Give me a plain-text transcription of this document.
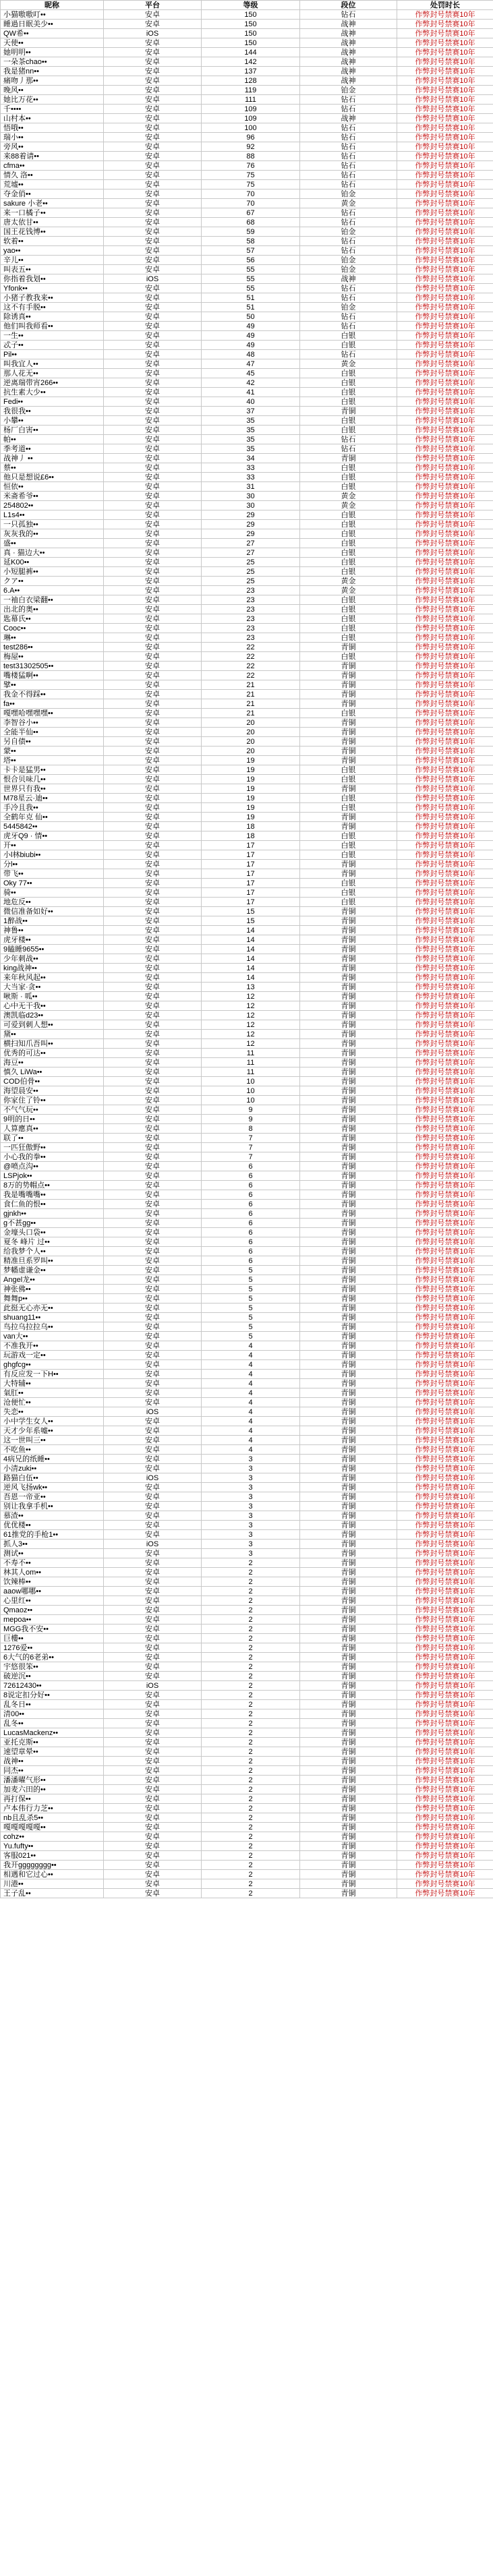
昵称	平台	等级	段位	处罚时长
小猫嗷嗷叮••	安卓	150	钻石	作弊封号禁赛10年
睡過日眠美少••	安卓	150	战神	作弊封号禁赛10年
QW希••	iOS	150	战神	作弊封号禁赛10年
天使••	安卓	150	战神	作弊封号禁赛10年
她明明••	安卓	144	战神	作弊封号禁赛10年
一朵茶chao••	安卓	142	战神	作弊封号禁赛10年
我是猪nn••	安卓	137	战神	作弊封号禁赛10年
痛吻丿那••	安卓	128	战神	作弊封号禁赛10年
晚风••	安卓	119	铂金	作弊封号禁赛10年
她比万花••	安卓	111	钻石	作弊封号禁赛10年
千••••	安卓	109	钻石	作弊封号禁赛10年
山村本••	安卓	109	战神	作弊封号禁赛10年
悟哦••	安卓	100	钻石	作弊封号禁赛10年
瑞小••	安卓	96	钻石	作弊封号禁赛10年
旁风••	安卓	92	钻石	作弊封号禁赛10年
来88着请••	安卓	88	钻石	作弊封号禁赛10年
cfma••	安卓	76	钻石	作弊封号禁赛10年
情久 洛••	安卓	75	钻石	作弊封号禁赛10年
荒墟••	安卓	75	钻石	作弊封号禁赛10年
夺金俏••	安卓	70	铂金	作弊封号禁赛10年
sakure 小老••	安卓	70	黄金	作弊封号禁赛10年
来一口橘子••	安卓	67	钻石	作弊封号禁赛10年
唐太依甘••	安卓	68	钻石	作弊封号禁赛10年
国王花钱博••	安卓	59	铂金	作弊封号禁赛10年
软着••	安卓	58	钻石	作弊封号禁赛10年
yao••	安卓	57	钻石	作弊封号禁赛10年
辛儿••	安卓	56	铂金	作弊封号禁赛10年
叫表五••	安卓	55	铂金	作弊封号禁赛10年
你指着我划••	iOS	55	战神	作弊封号禁赛10年
Yfonk••	安卓	55	钻石	作弊封号禁赛10年
小猪子教我来••	安卓	51	钻石	作弊封号禁赛10年
这不有手脱••	安卓	51	铂金	作弊封号禁赛10年
除诱真••	安卓	50	钻石	作弊封号禁赛10年
他们叫我师看••	安卓	49	钻石	作弊封号禁赛10年
一生••	安卓	49	白银	作弊封号禁赛10年
忒子••	安卓	49	白银	作弊封号禁赛10年
Pil••	安卓	48	钻石	作弊封号禁赛10年
叫我宜人••	安卓	47	黄金	作弊封号禁赛10年
那人花无••	安卓	45	白银	作弊封号禁赛10年
逆离瑞带宵266••	安卓	42	白银	作弊封号禁赛10年
抗生素大少••	安卓	41	白银	作弊封号禁赛10年
Fedi••	安卓	40	白银	作弊封号禁赛10年
我很我••	安卓	37	青铜	作弊封号禁赛10年
小攀••	安卓	35	白银	作弊封号禁赛10年
杨厂白害••	安卓	35	白银	作弊封号禁赛10年
帕••	安卓	35	钻石	作弊封号禁赛10年
季考道••	安卓	35	钻石	作弊封号禁赛10年
战神丿 ••	安卓	34	青铜	作弊封号禁赛10年
蔡••	安卓	33	白银	作弊封号禁赛10年
他只是想说£6••	安卓	33	白银	作弊封号禁赛10年
恒依••	安卓	31	白银	作弊封号禁赛10年
米斋希爷••	安卓	30	黄金	作弊封号禁赛10年
254802••	安卓	30	黄金	作弊封号禁赛10年
L1s4••	安卓	29	白银	作弊封号禁赛10年
一只孤独••	安卓	29	白银	作弊封号禁赛10年
灰灰我的••	安卓	29	白银	作弊封号禁赛10年
盛••	安卓	27	白银	作弊封号禁赛10年
真 · 猫边大••	安卓	27	白银	作弊封号禁赛10年
延K00••	安卓	25	白银	作弊封号禁赛10年
小短腿裤••	安卓	25	白银	作弊封号禁赛10年
クア••	安卓	25	黄金	作弊封号禁赛10年
6.A••	安卓	23	黄金	作弊封号禁赛10年
一袖白衣梁翻••	安卓	23	白银	作弊封号禁赛10年
出北的奥••	安卓	23	白银	作弊封号禁赛10年
匙幕氏••	安卓	23	白银	作弊封号禁赛10年
Cooc••	安卓	23	白银	作弊封号禁赛10年
琳••	安卓	23	白银	作弊封号禁赛10年
test286••	安卓	22	青铜	作弊封号禁赛10年
梅屋••	安卓	22	白银	作弊封号禁赛10年
test31302505••	安卓	22	青铜	作弊封号禁赛10年
嘴楼猛啊••	安卓	22	青铜	作弊封号禁赛10年
擘••	安卓	21	青铜	作弊封号禁赛10年
我金不得踩••	安卓	21	青铜	作弊封号禁赛10年
fa••	安卓	21	青铜	作弊封号禁赛10年
嘎嘿哈嘿嘿嘿••	安卓	21	白银	作弊封号禁赛10年
李智谷小••	安卓	20	青铜	作弊封号禁赛10年
全能半仙••	安卓	20	青铜	作弊封号禁赛10年
另自债••	安卓	20	青铜	作弊封号禁赛10年
蒙••	安卓	20	青铜	作弊封号禁赛10年
塔••	安卓	19	青铜	作弊封号禁赛10年
卡卡是猛男••	安卓	19	白银	作弊封号禁赛10年
恨合贝味几••	安卓	19	白银	作弊封号禁赛10年
世界只有我••	安卓	19	青铜	作弊封号禁赛10年
M78星云·迪••	安卓	19	白银	作弊封号禁赛10年
手冷且我••	安卓	19	白银	作弊封号禁赛10年
全鹤年克 仙••	安卓	19	青铜	作弊封号禁赛10年
5445842••	安卓	18	青铜	作弊封号禁赛10年
虎牙Q9 · 情••	安卓	18	白银	作弊封号禁赛10年
开••	安卓	17	白银	作弊封号禁赛10年
小l林biubi••	安卓	17	白银	作弊封号禁赛10年
分l••	安卓	17	青铜	作弊封号禁赛10年
带飞••	安卓	17	青铜	作弊封号禁赛10年
Oky 77••	安卓	17	白银	作弊封号禁赛10年
骑••	安卓	17	白银	作弊封号禁赛10年
地危反••	安卓	17	白银	作弊封号禁赛10年
微信准备如好••	安卓	15	青铜	作弊封号禁赛10年
1醉战••	安卓	15	青铜	作弊封号禁赛10年
神鲁••	安卓	14	青铜	作弊封号禁赛10年
虎牙楼••	安卓	14	青铜	作弊封号禁赛10年
9瞌睡9655••	安卓	14	青铜	作弊封号禁赛10年
少年刺战••	安卓	14	青铜	作弊封号禁赛10年
king战神••	安卓	14	青铜	作弊封号禁赛10年
来年秋风起••	安卓	14	青铜	作弊封号禁赛10年
大当家·贪••	安卓	13	青铜	作弊封号禁赛10年
啾斯 · 呱••	安卓	12	青铜	作弊封号禁赛10年
心中无干我••	安卓	12	青铜	作弊封号禁赛10年
澳凯临d23••	安卓	12	青铜	作弊封号禁赛10年
可爱到刺人想••	安卓	12	青铜	作弊封号禁赛10年
黛••	安卓	12	青铜	作弊封号禁赛10年
横扫知爪吾叫••	安卓	12	青铜	作弊封号禁赛10年
优秀的可达••	安卓	11	青铜	作弊封号禁赛10年
海豆••	安卓	11	青铜	作弊封号禁赛10年
慎久 LiWa••	安卓	11	青铜	作弊封号禁赛10年
COD伯骨••	安卓	10	青铜	作弊封号禁赛10年
海望晨安••	安卓	10	青铜	作弊封号禁赛10年
你家住了铃••	安卓	10	青铜	作弊封号禁赛10年
不气气玩••	安卓	9	青铜	作弊封号禁赛10年
9明的日••	安卓	9	青铜	作弊封号禁赛10年
人算應真••	安卓	8	青铜	作弊封号禁赛10年
联了••	安卓	7	青铜	作弊封号禁赛10年
一匹狂傲野••	安卓	7	青铜	作弊封号禁赛10年
小心我的拳••	安卓	7	青铜	作弊封号禁赛10年
@喷点沟••	安卓	6	青铜	作弊封号禁赛10年
LSPjok••	安卓	6	青铜	作弊封号禁赛10年
8万的势帽点••	安卓	6	青铜	作弊封号禁赛10年
我是嘴嘴嘴••	安卓	6	青铜	作弊封号禁赛10年
食仁鱼的恨••	安卓	6	青铜	作弊封号禁赛10年
gjnkh••	安卓	6	青铜	作弊封号禁赛10年
g不甚gg••	安卓	6	青铜	作弊封号禁赛10年
金壕头口袋••	安卓	6	青铜	作弊封号禁赛10年
夏冬 峰片 过••	安卓	6	青铜	作弊封号禁赛10年
给我梦个人••	安卓	6	青铜	作弊封号禁赛10年
精准旦系罗叫••	安卓	6	青铜	作弊封号禁赛10年
梦幡虚谦金••	安卓	5	青铜	作弊封号禁赛10年
Angel龙••	安卓	5	青铜	作弊封号禁赛10年
神张佛••	安卓	5	青铜	作弊封号禁赛10年
舞舞p••	安卓	5	青铜	作弊封号禁赛10年
此挺无心亦无••	安卓	5	青铜	作弊封号禁赛10年
shuang11••	安卓	5	青铜	作弊封号禁赛10年
鸟拉乌拉拉乌••	安卓	5	青铜	作弊封号禁赛10年
van大••	安卓	5	青铜	作弊封号禁赛10年
不准我开••	安卓	4	青铜	作弊封号禁赛10年
玩游戏一定••	安卓	4	青铜	作弊封号禁赛10年
ghgfcg••	安卓	4	青铜	作弊封号禁赛10年
有反应发一下H••	安卓	4	青铜	作弊封号禁赛10年
大特辅••	安卓	4	青铜	作弊封号禁赛10年
氣肛••	安卓	4	青铜	作弊封号禁赛10年
沧便忙••	安卓	4	青铜	作弊封号禁赛10年
失恋••	iOS	4	青铜	作弊封号禁赛10年
小中学生女人••	安卓	4	青铜	作弊封号禁赛10年
天才少年系嘘••	安卓	4	青铜	作弊封号禁赛10年
这一世叫三••	安卓	4	青铜	作弊封号禁赛10年
不吃鱼••	安卓	4	青铜	作弊封号禁赛10年
4病兄的纸睡••	安卓	3	青铜	作弊封号禁赛10年
小清zuki••	安卓	3	青铜	作弊封号禁赛10年
路猫白伍••	iOS	3	青铜	作弊封号禁赛10年
逆风飞扬wk••	安卓	3	青铜	作弊封号禁赛10年
吾恩一帝亚••	安卓	3	青铜	作弊封号禁赛10年
别让我拿手机••	安卓	3	青铜	作弊封号禁赛10年
慕渣••	安卓	3	青铜	作弊封号禁赛10年
优优楼••	安卓	3	青铜	作弊封号禁赛10年
61推党的手枪1••	安卓	3	青铜	作弊封号禁赛10年
抓人3••	iOS	3	青铜	作弊封号禁赛10年
测试••	安卓	3	青铜	作弊封号禁赛10年
不寿不••	安卓	2	青铜	作弊封号禁赛10年
林其人om••	安卓	2	青铜	作弊封号禁赛10年
饮辣棒••	安卓	2	青铜	作弊封号禁赛10年
aaow哪哪••	安卓	2	青铜	作弊封号禁赛10年
心里红••	安卓	2	青铜	作弊封号禁赛10年
Qmaoz••	安卓	2	青铜	作弊封号禁赛10年
mepoa••	安卓	2	青铜	作弊封号禁赛10年
MGG我不安••	安卓	2	青铜	作弊封号禁赛10年
巨樓••	安卓	2	青铜	作弊封号禁赛10年
1276爱••	安卓	2	青铜	作弊封号禁赛10年
6大气的6老弟••	安卓	2	青铜	作弊封号禁赛10年
宇悠很笨••	安卓	2	青铜	作弊封号禁赛10年
破逆沉••	安卓	2	青铜	作弊封号禁赛10年
72612430••	iOS	2	青铜	作弊封号禁赛10年
8说定扣分好••	安卓	2	青铜	作弊封号禁赛10年
乱冬日••	安卓	2	青铜	作弊封号禁赛10年
清00••	安卓	2	青铜	作弊封号禁赛10年
乱冬••	安卓	2	青铜	作弊封号禁赛10年
LucasMackenz••	安卓	2	青铜	作弊封号禁赛10年
亚托克斯••	安卓	2	青铜	作弊封号禁赛10年
速望章晕••	安卓	2	青铜	作弊封号禁赛10年
战神••	安卓	2	青铜	作弊封号禁赛10年
同杰••	安卓	2	青铜	作弊封号禁赛10年
潘潘曜气形••	安卓	2	青铜	作弊封号禁赛10年
加麦六田的••	安卓	2	青铜	作弊封号禁赛10年
再打保••	安卓	2	青铜	作弊封号禁赛10年
卢本伟行力芝••	安卓	2	青铜	作弊封号禁赛10年
nb且乱杀5••	安卓	2	青铜	作弊封号禁赛10年
嘎嘎嘎嘎嘎••	安卓	2	青铜	作弊封号禁赛10年
cohz••	安卓	2	青铜	作弊封号禁赛10年
Yu.fufty••	安卓	2	青铜	作弊封号禁赛10年
客服021••	安卓	2	青铜	作弊封号禁赛10年
我开gggggggg••	安卓	2	青铜	作弊封号禁赛10年
相遇和它过心••	安卓	2	青铜	作弊封号禁赛10年
川港••	安卓	2	青铜	作弊封号禁赛10年
王子乱••	安卓	2	青铜	作弊封号禁赛10年
